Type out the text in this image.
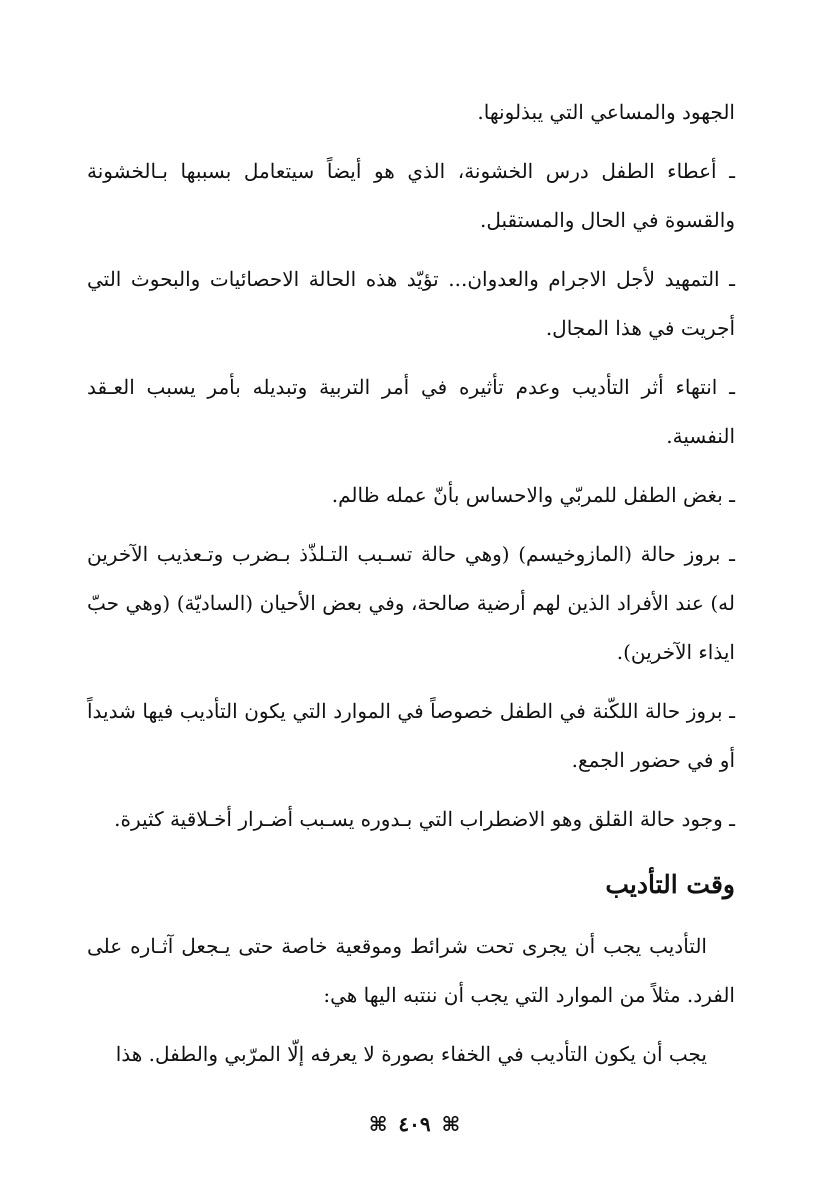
الجهود والمساعي التي يبذلونها.

ـ أعطاء الطفل درس الخشونة، الذي هو أيضاً سيتعامل بسببها بـالخشونة والقسوة في الحال والمستقبل.

ـ التمهيد لأجل الاجرام والعدوان... تؤيّد هذه الحالة الاحصائيات والبحوث التي أجريت في هذا المجال.

ـ انتهاء أثر التأديب وعدم تأثيره في أمر التربية وتبديله بأمر يسبب العـقد النفسية.

ـ بغض الطفل للمربّي والاحساس بأنّ عمله ظالم.

ـ بروز حالة (المازوخيسم) (وهي حالة تسـبب التـلذّذ بـضرب وتـعذيب الآخرين له) عند الأفراد الذين لهم أرضية صالحة، وفي بعض الأحيان (الساديّة) (وهي حبّ ايذاء الآخرين).

ـ بروز حالة اللكّنة في الطفل خصوصاً في الموارد التي يكون التأديب فيها شديداً أو في حضور الجمع.

ـ وجود حالة القلق وهو الاضطراب التي بـدوره يسـبب أضـرار أخـلاقية كثيرة.

وقت التأديب

التأديب يجب أن يجرى تحت شرائط وموقعية خاصة حتى يـجعل آثـاره على الفرد. مثلاً من الموارد التي يجب أن ننتبه اليها هي:

يجب أن يكون التأديب في الخفاء بصورة لا يعرفه إلّا المرّبي والطفل. هذا

⌘ ٤٠٩ ⌘
